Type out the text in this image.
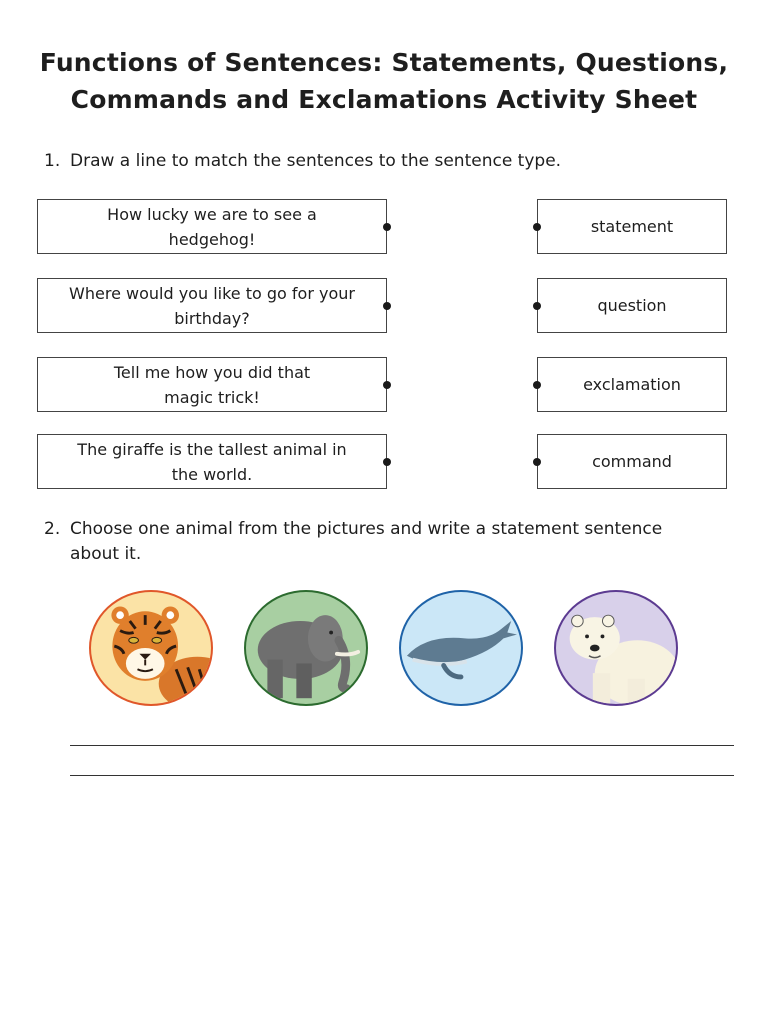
Functions of Sentences: Statements, Questions,
Commands and Exclamations Activity Sheet
1. Draw a line to match the sentences to the sentence type.
How lucky we are to see a
hedgehog!
Where would you like to go for your
birthday?
Tell me how you did that
magic trick!
The giraffe is the tallest animal in
the world.
statement
question
exclamation
command
2. Choose one animal from the pictures and write a statement sentence
about it.
